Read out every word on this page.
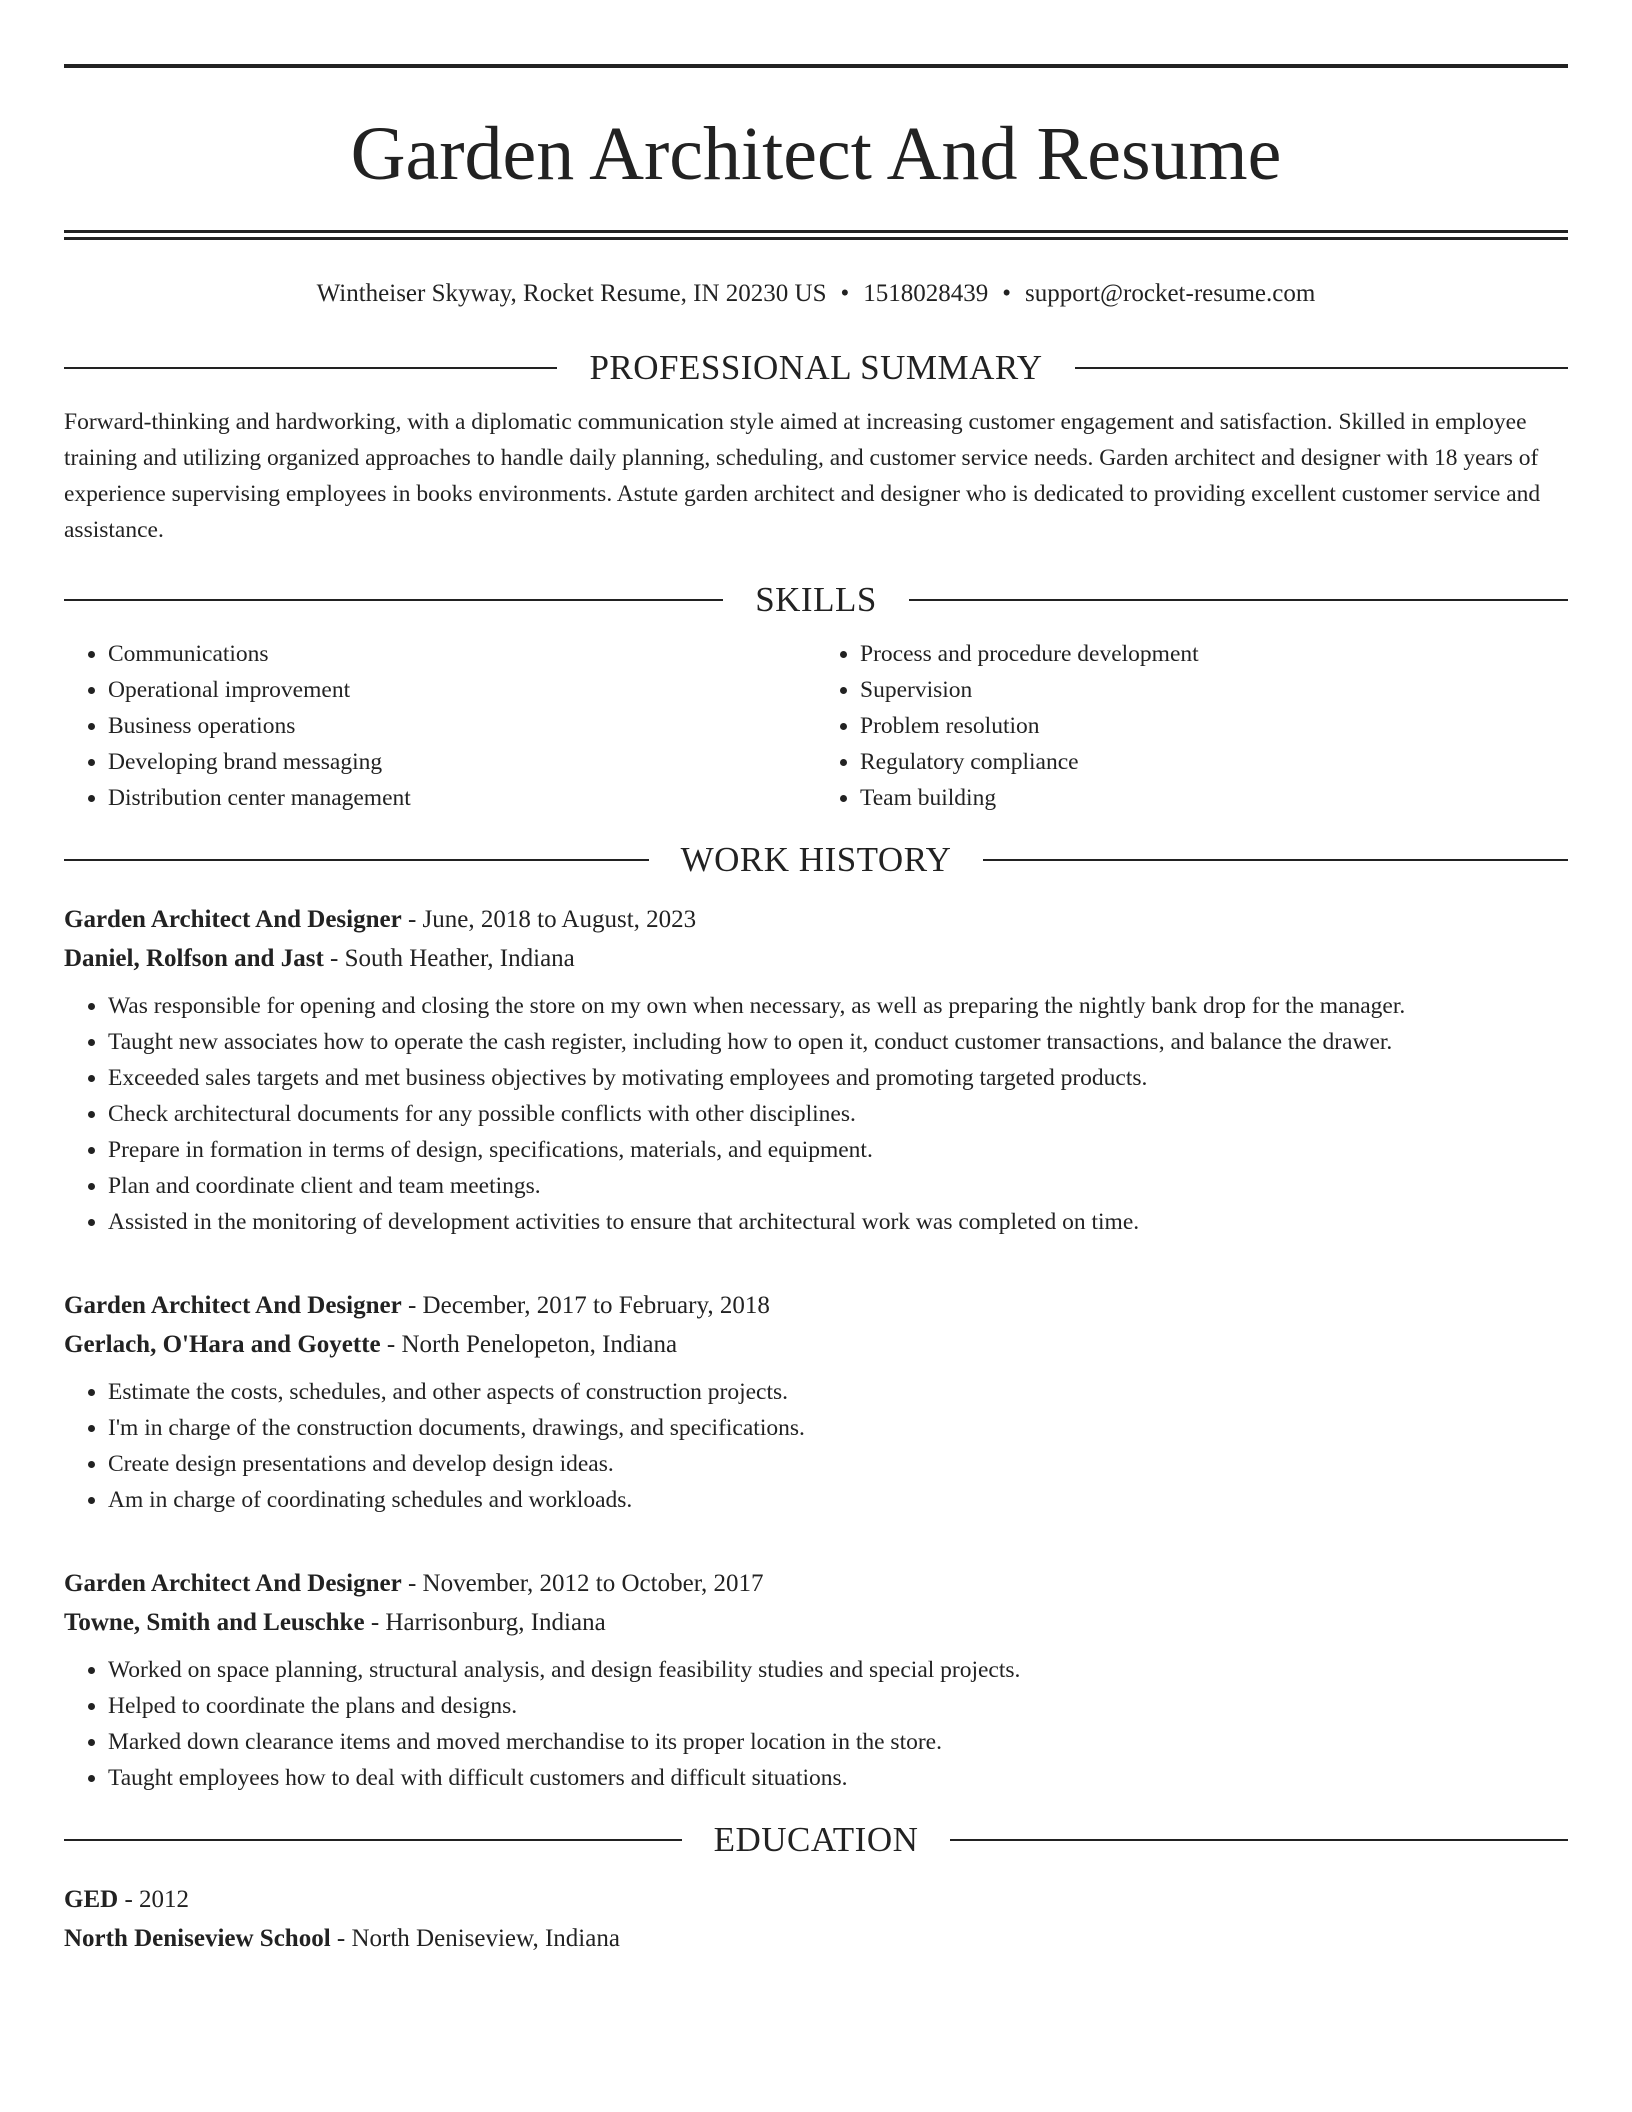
Garden Architect And Resume
Wintheiser Skyway, Rocket Resume, IN 20230 US • 1518028439 • support@rocket-resume.com
PROFESSIONAL SUMMARY

Forward-thinking and hardworking, with a diplomatic communication style aimed at increasing customer engagement and satisfaction. Skilled in employee training and utilizing organized approaches to handle daily planning, scheduling, and customer service needs. Garden architect and designer with 18 years of experience supervising employees in books environments. Astute garden architect and designer who is dedicated to providing excellent customer service and assistance.

SKILLS
• Communications
• Operational improvement
• Business operations
• Developing brand messaging
• Distribution center management
• Process and procedure development
• Supervision
• Problem resolution
• Regulatory compliance
• Team building
WORK HISTORY
Garden Architect And Designer - June, 2018 to August, 2023
Daniel, Rolfson and Jast - South Heather, Indiana
• Was responsible for opening and closing the store on my own when necessary, as well as preparing the nightly bank drop for the manager.
• Taught new associates how to operate the cash register, including how to open it, conduct customer transactions, and balance the drawer.
• Exceeded sales targets and met business objectives by motivating employees and promoting targeted products.
• Check architectural documents for any possible conflicts with other disciplines.
• Prepare in formation in terms of design, specifications, materials, and equipment.
• Plan and coordinate client and team meetings.
• Assisted in the monitoring of development activities to ensure that architectural work was completed on time.
Garden Architect And Designer - December, 2017 to February, 2018
Gerlach, O'Hara and Goyette - North Penelopeton, Indiana
• Estimate the costs, schedules, and other aspects of construction projects.
• I'm in charge of the construction documents, drawings, and specifications.
• Create design presentations and develop design ideas.
• Am in charge of coordinating schedules and workloads.
Garden Architect And Designer - November, 2012 to October, 2017
Towne, Smith and Leuschke - Harrisonburg, Indiana
• Worked on space planning, structural analysis, and design feasibility studies and special projects.
• Helped to coordinate the plans and designs.
• Marked down clearance items and moved merchandise to its proper location in the store.
• Taught employees how to deal with difficult customers and difficult situations.
EDUCATION
GED - 2012
North Deniseview School - North Deniseview, Indiana
